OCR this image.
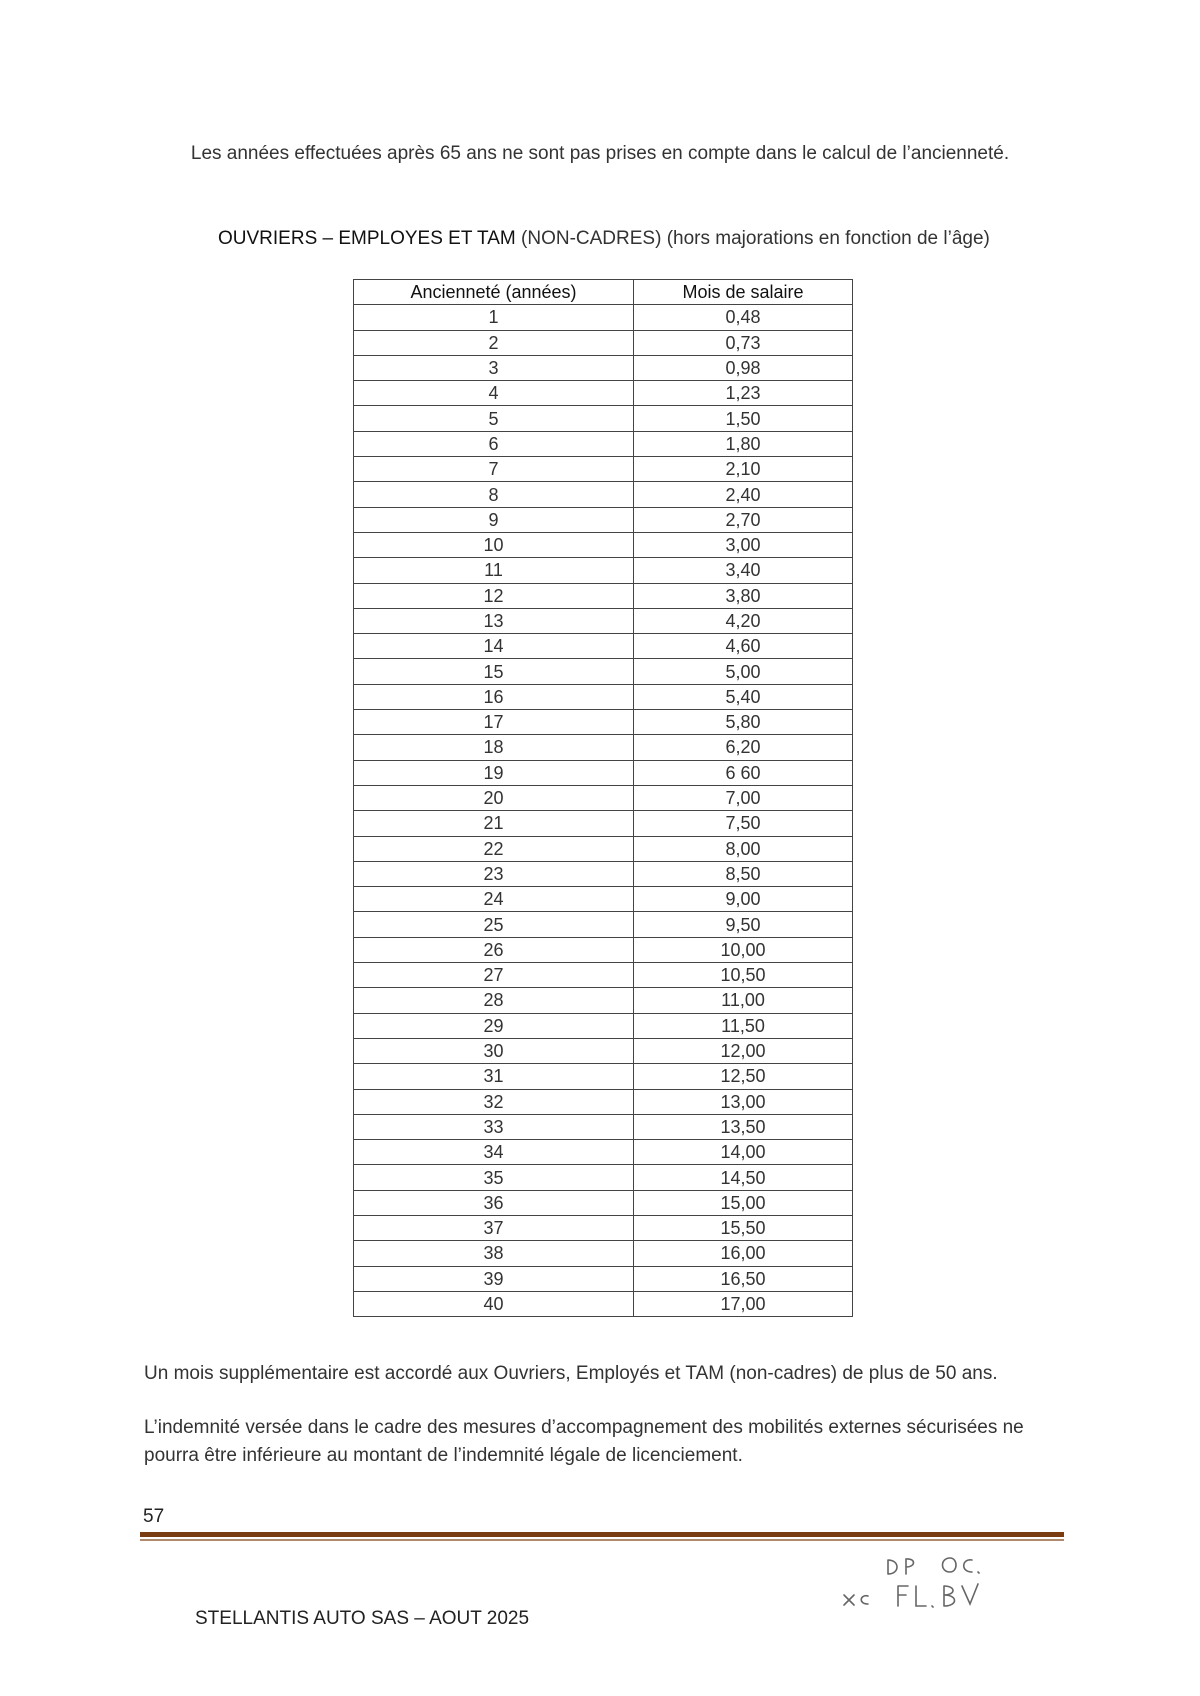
Les années effectuées après 65 ans ne sont pas prises en compte dans le calcul de l’ancienneté.
OUVRIERS – EMPLOYES ET TAM (NON-CADRES) (hors majorations en fonction de l’âge)
Ancienneté (années)	Mois de salaire
1	0,48
2	0,73
3	0,98
4	1,23
5	1,50
6	1,80
7	2,10
8	2,40
9	2,70
10	3,00
11	3,40
12	3,80
13	4,20
14	4,60
15	5,00
16	5,40
17	5,80
18	6,20
19	6 60
20	7,00
21	7,50
22	8,00
23	8,50
24	9,00
25	9,50
26	10,00
27	10,50
28	11,00
29	11,50
30	12,00
31	12,50
32	13,00
33	13,50
34	14,00
35	14,50
36	15,00
37	15,50
38	16,00
39	16,50
40	17,00
Un mois supplémentaire est accordé aux Ouvriers, Employés et TAM (non-cadres) de plus de 50 ans.
L’indemnité versée dans le cadre des mesures d’accompagnement des mobilités externes sécurisées ne pourra être inférieure au montant de l’indemnité légale de licenciement.
57
STELLANTIS AUTO SAS – AOUT 2025
